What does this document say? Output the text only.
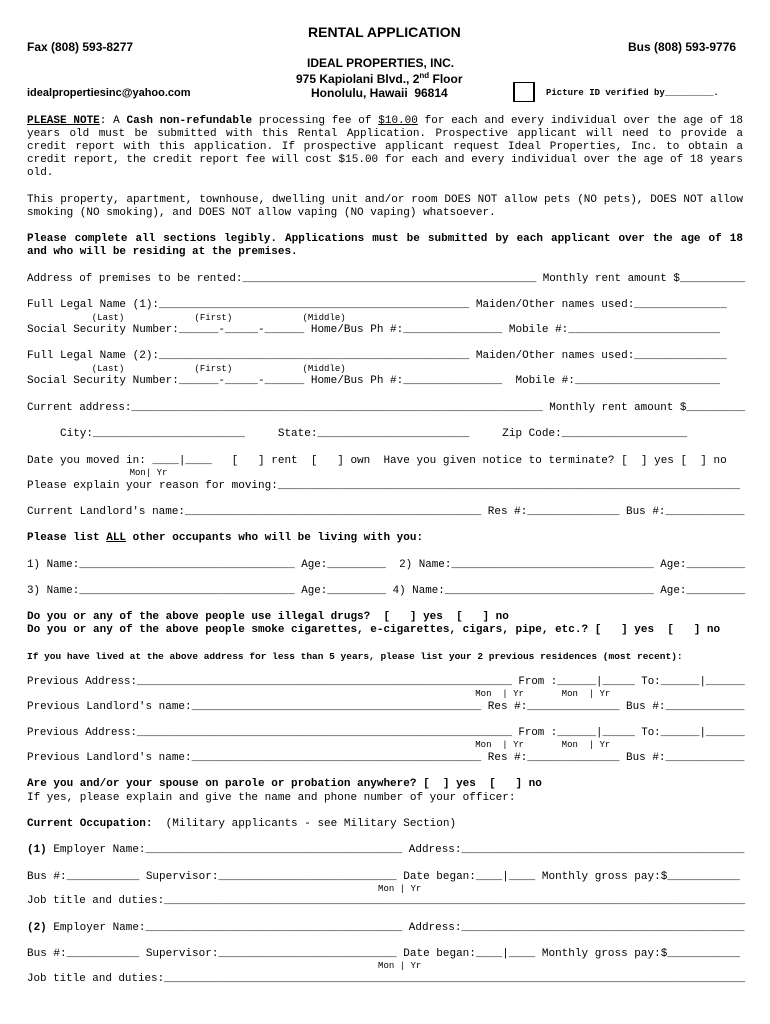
RENTAL APPLICATION
Fax (808) 593-8277	Bus (808) 593-9776
IDEAL PROPERTIES, INC.
975 Kapiolani Blvd., 2nd Floor
Honolulu, Hawaii  96814
idealpropertiesinc@yahoo.com	Picture ID verified by_________.
PLEASE NOTE: A Cash non-refundable processing fee of $10.00 for each and every individual over the age of 18 years old must be submitted with this Rental Application. Prospective applicant will need to provide a credit report with this application. If prospective applicant request Ideal Properties, Inc. to obtain a credit report, the credit report fee will cost $15.00 for each and every individual over the age of 18 years old.
This property, apartment, townhouse, dwelling unit and/or room DOES NOT allow pets (NO pets), DOES NOT allow smoking (NO smoking), and DOES NOT allow vaping (NO vaping) whatsoever.
Please complete all sections legibly. Applications must be submitted by each applicant over the age of 18 and who will be residing at the premises.
Address of premises to be rented:_____________________________________________ Monthly rent amount $__________
Full Legal Name (1):_______________________________________________ Maiden/Other names used:______________
(Last)             (First)             (Middle)
Social Security Number:______-_____-______ Home/Bus Ph #:_______________ Mobile #:_______________________
Full Legal Name (2):_______________________________________________ Maiden/Other names used:______________
(Last)             (First)             (Middle)
Social Security Number:______-_____-______ Home/Bus Ph #:_______________  Mobile #:______________________
Current address:_______________________________________________________________ Monthly rent amount $_________
City:_______________________     State:_______________________     Zip Code:___________________
Date you moved in: ____|____   [   ] rent  [   ] own  Have you given notice to terminate? [  ] yes [  ] no
Mon| Yr
Please explain your reason for moving:______________________________________________________________________
Current Landlord's name:_____________________________________________ Res #:______________ Bus #:____________
Please list ALL other occupants who will be living with you:
1) Name:_________________________________ Age:_________  2) Name:_______________________________ Age:_________
3) Name:_________________________________ Age:_________ 4) Name:________________________________ Age:_________
Do you or any of the above people use illegal drugs?  [   ] yes  [   ] no
Do you or any of the above people smoke cigarettes, e-cigarettes, cigars, pipe, etc.? [   ] yes  [   ] no
If you have lived at the above address for less than 5 years, please list your 2 previous residences (most recent):
Previous Address:__________________________________________________________ From :______|_____ To:______|______
Mon  | Yr       Mon  | Yr
Previous Landlord's name:____________________________________________ Res #:______________ Bus #:____________
Previous Address:__________________________________________________________ From :______|_____ To:______|______
Mon  | Yr       Mon  | Yr
Previous Landlord's name:____________________________________________ Res #:______________ Bus #:____________
Are you and/or your spouse on parole or probation anywhere? [  ] yes  [   ] no
If yes, please explain and give the name and phone number of your officer:
Current Occupation:  (Military applicants - see Military Section)
(1) Employer Name:_______________________________________ Address:___________________________________________
Bus #:___________ Supervisor:___________________________ Date began:____|____ Monthly gross pay:$___________
Mon | Yr
Job title and duties:_________________________________________________________________________________________
(2) Employer Name:_______________________________________ Address:___________________________________________
Bus #:___________ Supervisor:___________________________ Date began:____|____ Monthly gross pay:$___________
Mon | Yr
Job title and duties:_________________________________________________________________________________________
